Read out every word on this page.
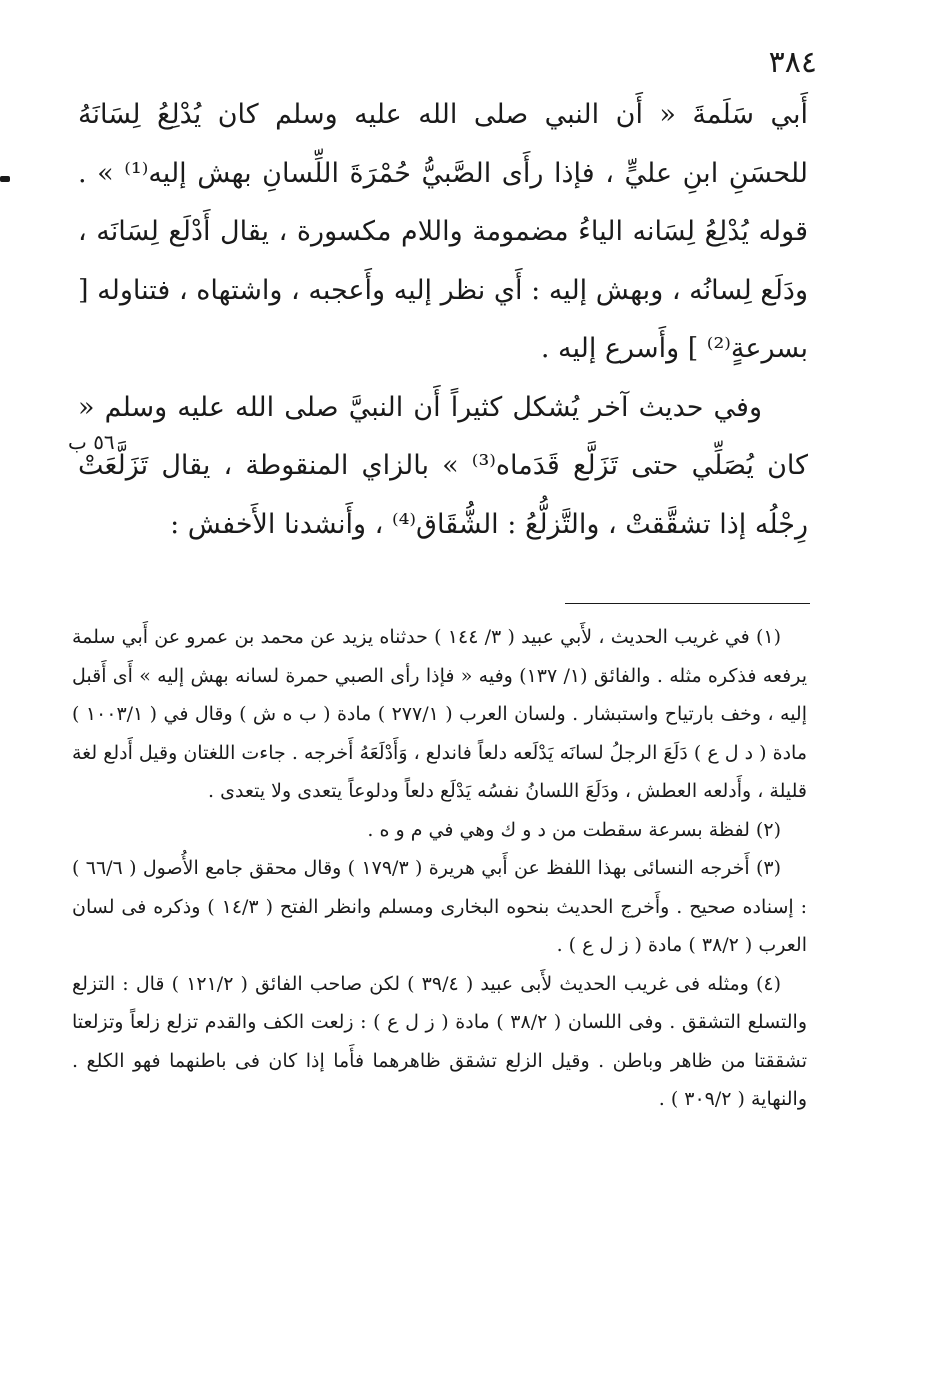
٣٨٤

أَبي سَلَمةَ « أَن النبي صلى الله عليه وسلم كان يُدْلِعُ لِسَانَهُ للحسَنِ ابنِ عليٍّ ، فإذا رأَى الصَّبيُّ حُمْرَةَ اللِّسانِ بهش إليه⁽¹⁾ » . قوله يُدْلِعُ لِسَانه الياءُ مضمومة واللام مكسورة ، يقال أَدْلَع لِسَانَه ، ودَلَع لِسانُه ، وبهش إليه : أَي نظر إليه وأَعجبه ، واشتهاه ، فتناوله [ بسرعةٍ⁽²⁾ ] وأَسرع إليه .

وفي حديث آخر يُشكل كثيراً أَن النبيَّ صلى الله عليه وسلم « كان يُصَلِّي حتى تَزَلَّع قَدَماه⁽³⁾ » بالزاي المنقوطة ، يقال تَزَلَّعَتْ رِجْلُه إذا تشقَّقتْ ، والتَّزلُّعُ : الشُّقَاق⁽⁴⁾ ، وأَنشدنا الأَخفش :

٥٦ ب

(١) في غريب الحديث ، لأَبي عبيد ( ٣/ ١٤٤ ) حدثناه يزيد عن محمد بن عمرو عن أَبي سلمة يرفعه فذكره مثله . والفائق (١/ ١٣٧) وفيه « فإذا رأى الصبي حمرة لسانه بهش إليه » أَى أَقبل إليه ، وخف بارتياح واستبشار . ولسان العرب ( ٢٧٧/١ ) مادة ( ب ه ش ) وقال في ( ١٠٠٣/١ ) مادة ( د ل ع ) دَلَعَ الرجلُ لسانَه يَدْلَعه دلعاً فاندلع ، وَأَدْلَعَهُ أَخرجه . جاءت اللغتان وقيل أَدلع لغة قليلة ، وأَدلعه العطش ، ودَلَعَ اللسانُ نفسُه يَدْلَع دلعاً ودلوعاً يتعدى ولا يتعدى .

(٢) لفظة بسرعة سقطت من د و ك وهي في م و ه .

(٣) أَخرجه النسائى بهذا اللفظ عن أَبي هريرة ( ١٧٩/٣ ) وقال محقق جامع الأُصول ( ٦٦/٦ ) : إسناده صحيح . وأَخرج الحديث بنحوه البخارى ومسلم وانظر الفتح ( ١٤/٣ ) وذكره فى لسان العرب ( ٣٨/٢ ) مادة ( ز ل ع ) .

(٤) ومثله فى غريب الحديث لأَبى عبيد ( ٣٩/٤ ) لكن صاحب الفائق ( ١٢١/٢ ) قال : التزلع والتسلع التشقق . وفى اللسان ( ٣٨/٢ ) مادة ( ز ل ع ) : زلعت الكف والقدم تزلع زلعاً وتزلعتا تشققتا من ظاهر وباطن . وقيل الزلع تشقق ظاهرهما فأَما إذا كان فى باطنهما فهو الكلع . والنهاية ( ٣٠٩/٢ ) .
